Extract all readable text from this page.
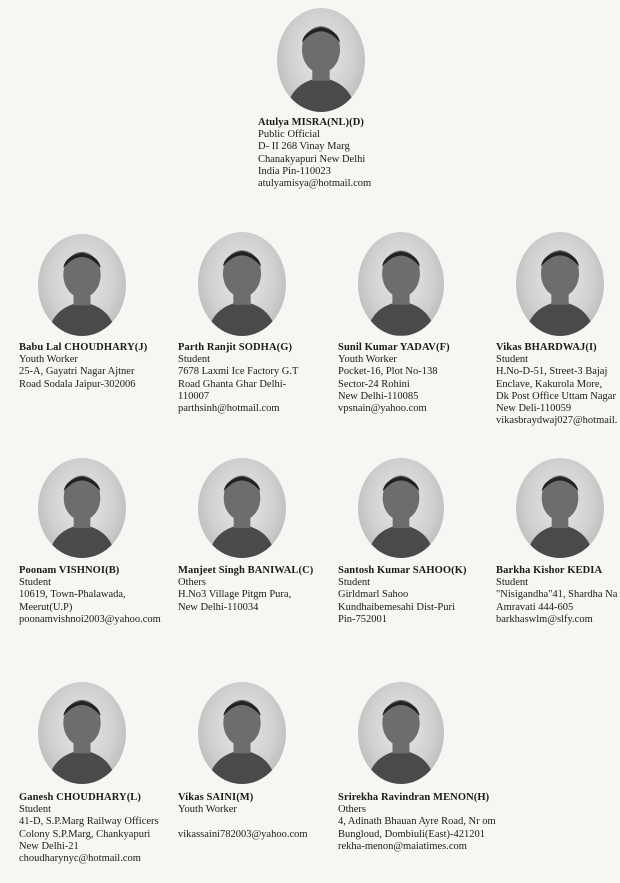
Atulya MISRA(NL)(D)
Public Official
D- II 268 Vinay Marg
Chanakyapuri New Delhi
India Pin-110023
atulyamisya@hotmail.com
Babu Lal CHOUDHARY(J)
Youth Worker
25-A, Gayatri Nagar Ajtner
Road Sodala Jaipur-302006
Parth Ranjit SODHA(G)
Student
7678 Laxmi Ice Factory G.T
Road Ghanta Ghar Delhi-
110007
parthsinh@hotmail.com
Sunil Kumar YADAV(F)
Youth Worker
Pocket-16, Plot No-138
Sector-24 Rohini
New Delhi-110085
vpsnain@yahoo.com
Vikas BHARDWAJ(I)
Student
H.No-D-51, Street-3 Bajaj
Enclave, Kakurola More,
Dk Post Office Uttam Nagar
New Deli-110059
vikasbraydwaj027@hotmail.
Poonam VISHNOI(B)
Student
10619, Town-Phalawada,
Meerut(U.P)
poonamvishnoi2003@yahoo.com
Manjeet Singh BANIWAL(C)
Others
H.No3 Village Pitgm Pura,
New Delhi-110034
Santosh Kumar SAHOO(K)
Student
Girldmarl Sahoo
Kundhaibemesahi Dist-Puri
Pin-752001
Barkha Kishor KEDIA
Student
"Nisigandha"41, Shardha Na
Amravati 444-605
barkhaswlm@slfy.com
Ganesh CHOUDHARY(L)
Student
41-D, S.P.Marg Railway Officers
Colony S.P.Marg, Chankyapuri
New Delhi-21
choudharynyc@hotmail.com
Vikas SAINI(M)
Youth Worker

vikassaini782003@yahoo.com
Srirekha Ravindran MENON(H)
Others
4, Adinath Bhauan Ayre Road, Nr om
Bungloud, Dombiuli(East)-421201
rekha-menon@maiatimes.com
